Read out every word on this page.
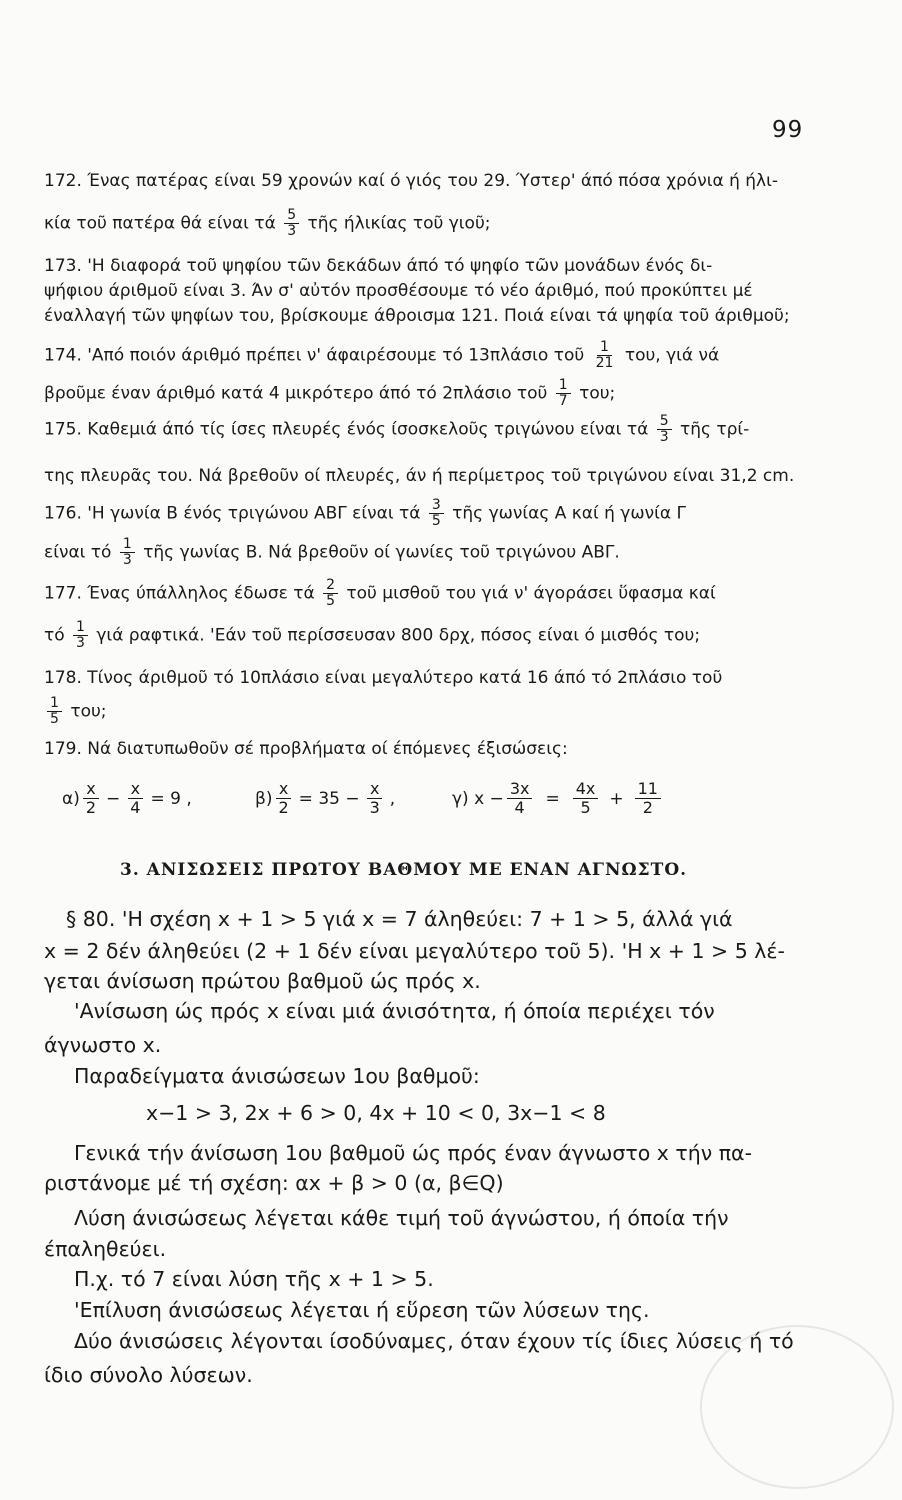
99
172. Ένας πατέρας είναι 59 χρονών καί ό γιός του 29. Ύστερ' άπό πόσα χρόνια ή ήλι-
κία τοῦ πατέρα θά είναι τά $\frac{5}{3}$ τῆς ήλικίας τοῦ γιοῦ;
173. 'Η διαφορά τοῦ ψηφίου τῶν δεκάδων άπό τό ψηφίο τῶν μονάδων ένός δι-
ψήφιου άριθμοῦ είναι 3. Άν σ' αὐτόν προσθέσουμε τό νέο άριθμό, πού προκύπτει μέ
έναλλαγή τῶν ψηφίων του, βρίσκουμε άθροισμα 121. Ποιά είναι τά ψηφία τοῦ άριθμοῦ;
174. 'Από ποιόν άριθμό πρέπει ν' άφαιρέσουμε τό 13πλάσιο τοῦ $\frac{1}{21} \tau o\upsilon$, γιά νά
βροῦμε έναν άριθμό κατά 4 μικρότερο άπό τό 2πλάσιο τοῦ $\frac{1}{7} \tau o\upsilon$;
175. Καθεμιά άπό τίς ίσες πλευρές ένός ίσοσκελοῦς τριγώνου είναι τά $\frac{5}{3}$ τῆς τρί-
της πλευρᾶς του. Νά βρεθοῦν οί πλευρές, άν ή περίμετρος τοῦ τριγώνου είναι 31,2 cm.
176. 'Η γωνία Β ένός τριγώνου ΑΒΓ είναι τά $\frac{3}{5}$ τῆς γωνίας Α καί ή γωνία Γ
είναι τό $\frac{1}{3}$ τῆς γωνίας Β. Νά βρεθοῦν οί γωνίες τοῦ τριγώνου ΑΒΓ.
177. Ένας ύπάλληλος έδωσε τά $\frac{2}{5}$ τοῦ μισθοῦ του γιά ν' άγοράσει ὕφασμα καί
τό $\frac{1}{3}$ γιά ραφτικά. 'Εάν τοῦ περίσσευσαν 800 δρχ, πόσος είναι ό μισθός του;
178. Τίνος άριθμοῦ τό 10πλάσιο είναι μεγαλύτερο κατά 16 άπό τό 2πλάσιο τοῦ
$\frac{1}{5} \tau o\upsilon$;
179. Νά διατυπωθοῦν σέ προβλήματα οί έπόμενες έξισώσεις:
$\alpha) \frac{x}{2} - \frac{x}{4} = 9$ ,	$\beta) \frac{x}{2} = 35 - \frac{x}{3}$ ,	γ) $x - \frac{3x}{4} = \frac{4x}{5} + \frac{11}{2}$
3. ΑΝΙΣΩΣΕΙΣ ΠΡΩΤΟΥ ΒΑΘΜΟΥ ΜΕ ΕΝΑΝ ΑΓΝΩΣΤΟ.
§ 80. 'Η σχέση x + 1 > 5 γιά x = 7 άληθεύει: 7 + 1 > 5, άλλά γιά
x = 2 δέν άληθεύει (2 + 1 δέν είναι μεγαλύτερο τοῦ 5). 'Η x + 1 > 5 λέ-
γεται άνίσωση πρώτου βαθμοῦ ώς πρός x.
'Ανίσωση ώς πρός x είναι μιά άνισότητα, ή όποία περιέχει τόν
άγνωστο x.
Παραδείγματα άνισώσεων 1ου βαθμοῦ:
x−1 > 3, 2x + 6 > 0, 4x + 10 < 0, 3x−1 < 8
Γενικά τήν άνίσωση 1ου βαθμοῦ ώς πρός έναν άγνωστο x τήν πα-
ριστάνομε μέ τή σχέση: αx + β > 0 (α, β∈Q)
Λύση άνισώσεως λέγεται κάθε τιμή τοῦ άγνώστου, ή όποία τήν
έπαληθεύει.
Π.χ. τό 7 είναι λύση τῆς x + 1 > 5.
'Επίλυση άνισώσεως λέγεται ή εὕρεση τῶν λύσεων της.
Δύο άνισώσεις λέγονται ίσοδύναμες, όταν έχουν τίς ίδιες λύσεις ή τό
ίδιο σύνολο λύσεων.
